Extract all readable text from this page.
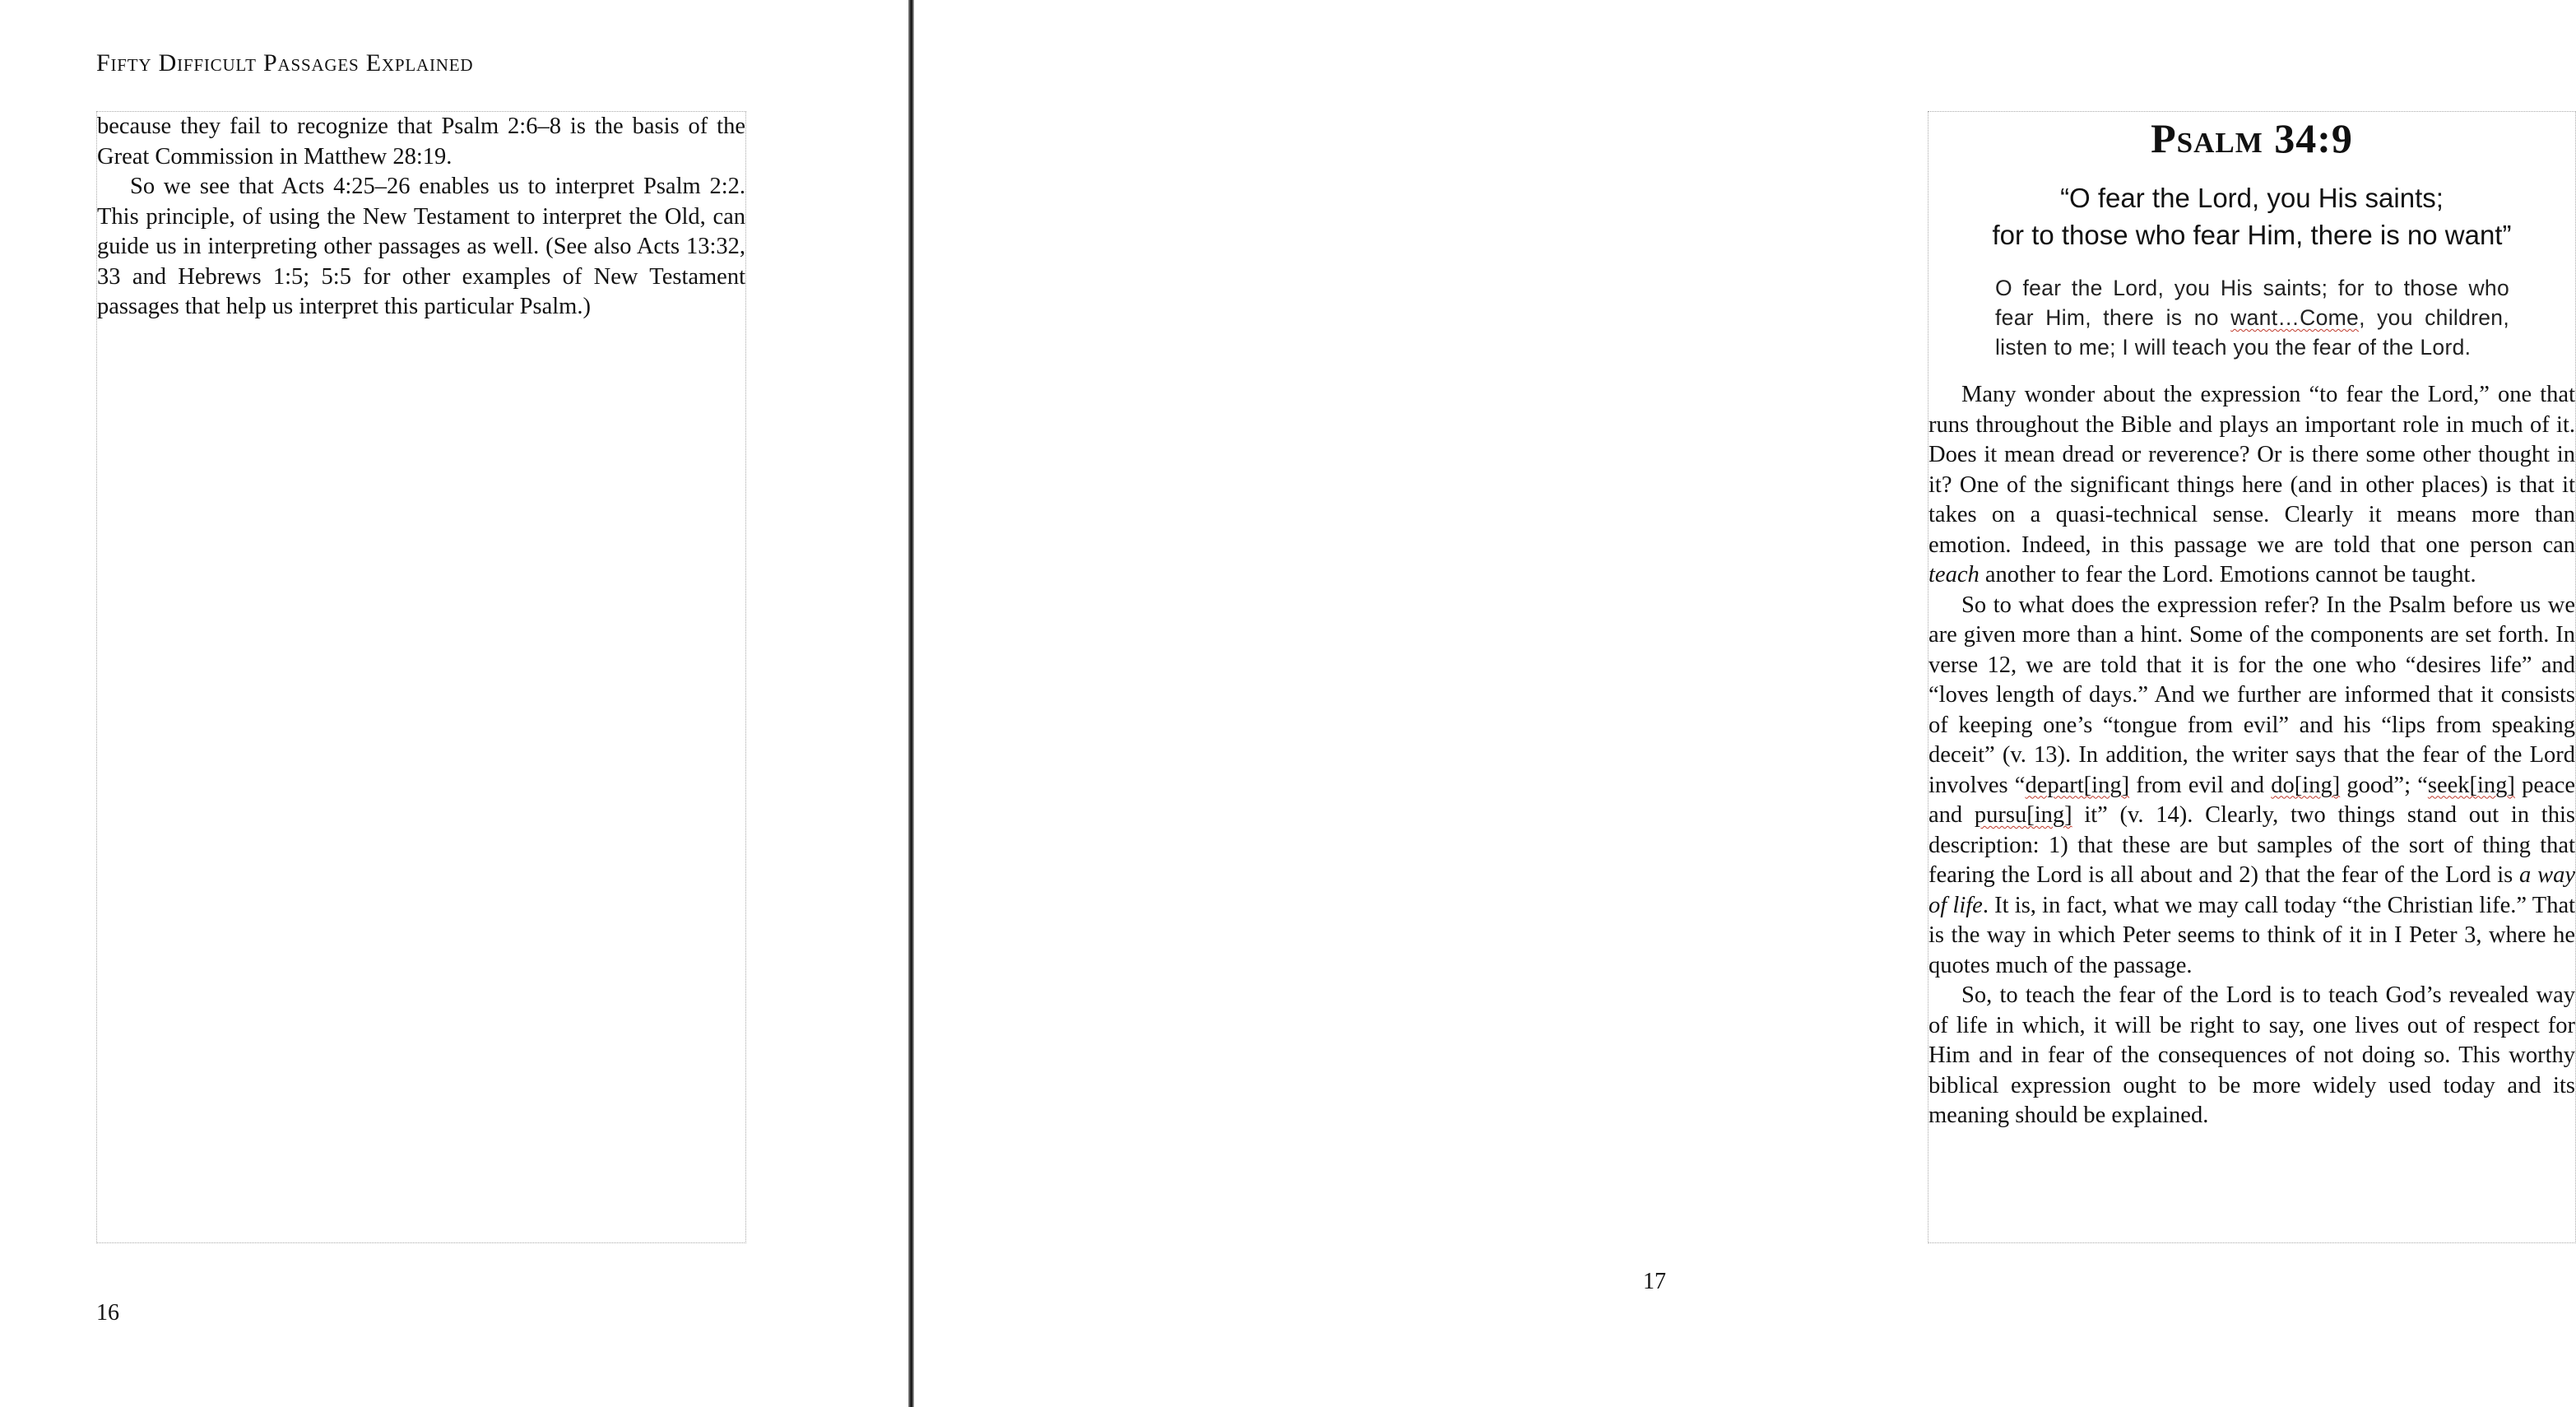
Fifty Difficult Passages Explained

because they fail to recognize that Psalm 2:6–8 is the basis of the Great Commission in Matthew 28:19.

So we see that Acts 4:25–26 enables us to interpret Psalm 2:2. This principle, of using the New Testament to interpret the Old, can guide us in interpreting other passages as well. (See also Acts 13:32, 33 and Hebrews 1:5; 5:5 for other examples of New Testament passages that help us interpret this particular Psalm.)

16
Psalm 34:9
“O fear the Lord, you His saints;
for to those who fear Him, there is no want”
O fear the Lord, you His saints; for to those who fear Him, there is no want…Come, you children, listen to me; I will teach you the fear of the Lord.

Many wonder about the expression “to fear the Lord,” one that runs throughout the Bible and plays an important role in much of it. Does it mean dread or reverence? Or is there some other thought in it? One of the significant things here (and in other places) is that it takes on a quasi-technical sense. Clearly it means more than emotion. Indeed, in this passage we are told that one person can teach another to fear the Lord. Emotions cannot be taught.

So to what does the expression refer? In the Psalm before us we are given more than a hint. Some of the components are set forth. In verse 12, we are told that it is for the one who “desires life” and “loves length of days.” And we further are informed that it consists of keeping one’s “tongue from evil” and his “lips from speaking deceit” (v. 13). In addition, the writer says that the fear of the Lord involves “depart[ing] from evil and do[ing] good”; “seek[ing] peace and pursu[ing] it” (v. 14). Clearly, two things stand out in this description: 1) that these are but samples of the sort of thing that fearing the Lord is all about and 2) that the fear of the Lord is a way of life. It is, in fact, what we may call today “the Christian life.” That is the way in which Peter seems to think of it in I Peter 3, where he quotes much of the passage.

So, to teach the fear of the Lord is to teach God’s revealed way of life in which, it will be right to say, one lives out of respect for Him and in fear of the consequences of not doing so. This worthy biblical expression ought to be more widely used today and its meaning should be explained.

17
